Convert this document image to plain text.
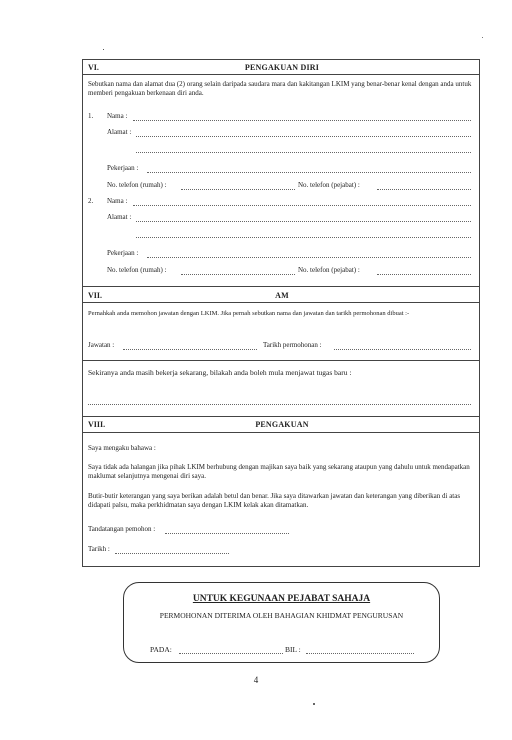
VI.	PENGAKUAN DIRI
Sebutkan nama dan alamat dua (2) orang selain daripada saudara mara dan kakitangan LKIM yang benar-benar kenal dengan anda untuk memberi pengakuan berkenaan diri anda.
1. Nama :
Alamat :
Pekerjaan :
No. telefon (rumah) :	No. telefon (pejabat) :
2. Nama :
Alamat :
Pekerjaan :
No. telefon (rumah) :	No. telefon (pejabat) :
VII.	AM
Pernahkah anda memohon jawatan dengan LKIM. Jika pernah sebutkan nama dan jawatan dan tarikh permohonan dibuat :-
Jawatan :	Tarikh permohonan :
Sekiranya anda masih bekerja sekarang, bilakah anda boleh mula menjawat tugas baru :
VIII.	PENGAKUAN
Saya mengaku bahawa :
Saya tidak ada halangan jika pihak LKIM berhubung dengan majikan saya baik yang sekarang ataupun yang dahulu untuk mendapatkan maklumat selanjutnya mengenai diri saya.
Butir-butir keterangan yang saya berikan adalah betul dan benar. Jika saya ditawarkan jawatan dan keterangan yang diberikan di atas didapati palsu, maka perkhidmatan saya dengan LKIM kelak akan ditamatkan.
Tandatangan pemohon :
Tarikh :
UNTUK KEGUNAAN PEJABAT SAHAJA
PERMOHONAN DITERIMA OLEH BAHAGIAN KHIDMAT PENGURUSAN
PADA:	BIL :
4
